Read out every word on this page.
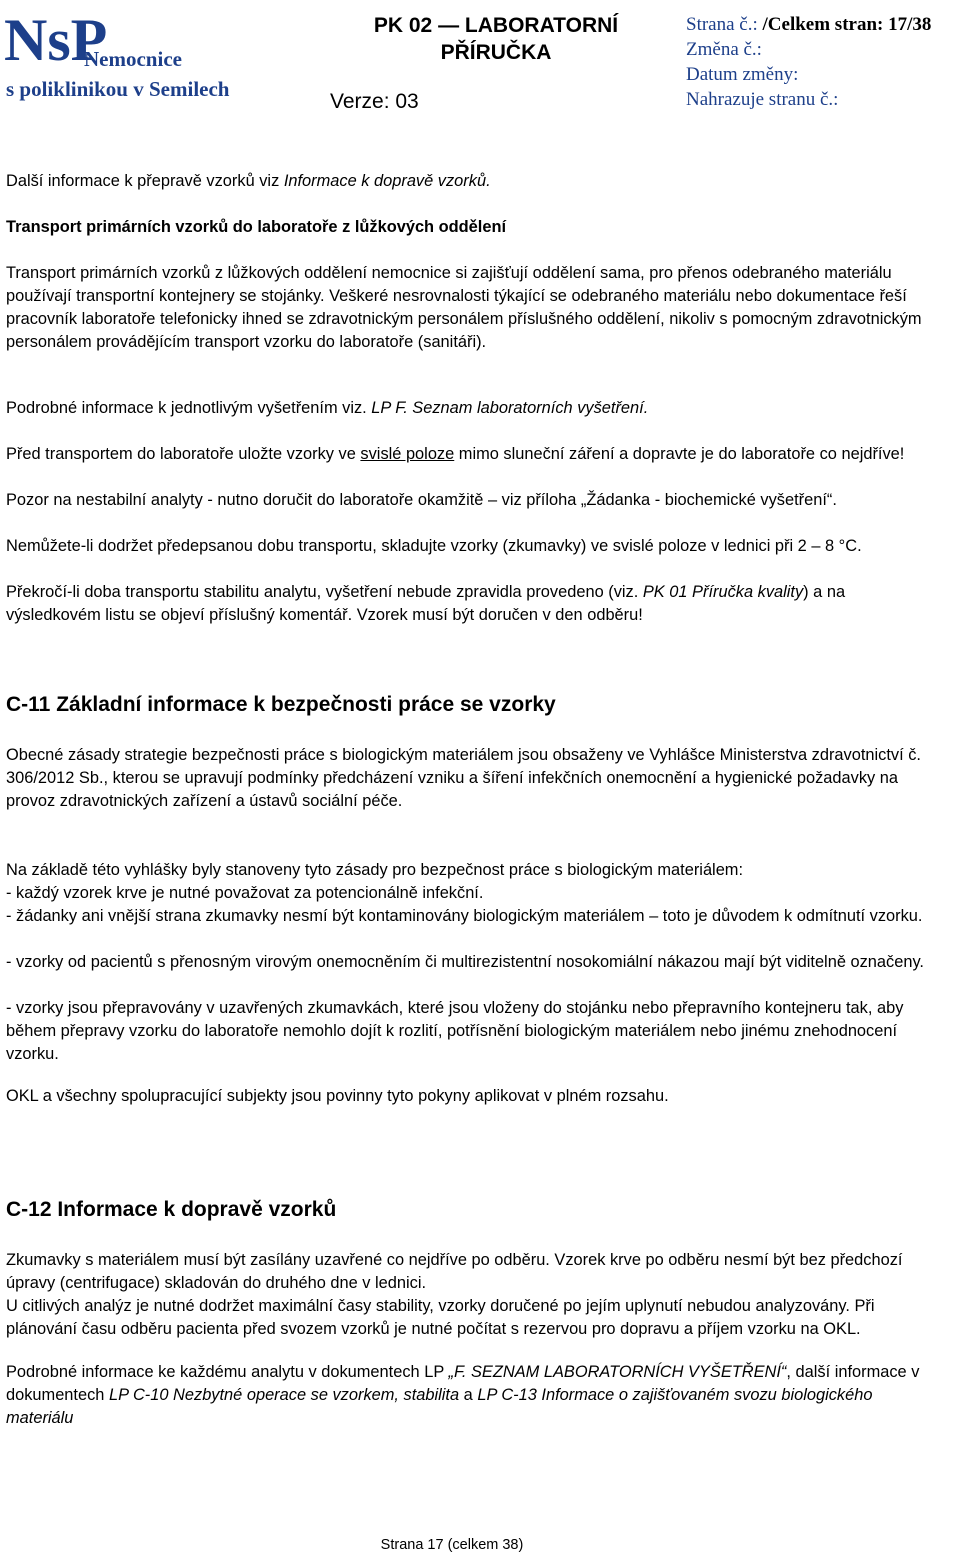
NsP
Nemocnice
s poliklinikou v Semilech
PK 02 — LABORATORNÍ PŘÍRUČKA
Verze: 03
Strana č.: /Celkem stran: 17/38
Změna č.:
Datum změny:
Nahrazuje stranu č.:

Další informace k přepravě vzorků viz Informace k dopravě vzorků.

Transport primárních vzorků do laboratoře z lůžkových oddělení

Transport primárních vzorků z lůžkových oddělení nemocnice si zajišťují oddělení sama, pro přenos odebraného materiálu používají transportní kontejnery se stojánky. Veškeré nesrovnalosti týkající se odebraného materiálu nebo dokumentace řeší pracovník laboratoře telefonicky ihned se zdravotnickým personálem příslušného oddělení, nikoliv s pomocným zdravotnickým personálem provádějícím transport vzorku do laboratoře (sanitáři).

Podrobné informace k jednotlivým vyšetřením viz. LP F. Seznam laboratorních vyšetření.

Před transportem do laboratoře uložte vzorky ve svislé poloze mimo sluneční záření a dopravte je do laboratoře co nejdříve!

Pozor na nestabilní analyty - nutno doručit do laboratoře okamžitě – viz příloha „Žádanka - biochemické vyšetření“.

Nemůžete-li dodržet předepsanou dobu transportu, skladujte vzorky (zkumavky) ve svislé poloze v lednici při 2 – 8 °C.

Překročí-li doba transportu stabilitu analytu, vyšetření nebude zpravidla provedeno (viz. PK 01 Příručka kvality) a na výsledkovém listu se objeví příslušný komentář. Vzorek musí být doručen v den odběru!

C-11 Základní informace k bezpečnosti práce se vzorky

Obecné zásady strategie bezpečnosti práce s biologickým materiálem jsou obsaženy ve Vyhlášce Ministerstva zdravotnictví č. 306/2012 Sb., kterou se upravují podmínky předcházení vzniku a šíření infekčních onemocnění a hygienické požadavky na provoz zdravotnických zařízení a ústavů sociální péče.

Na základě této vyhlášky byly stanoveny tyto zásady pro bezpečnost práce s biologickým materiálem:

- každý vzorek krve je nutné považovat za potencionálně infekční.

- žádanky ani vnější strana zkumavky nesmí být kontaminovány biologickým materiálem – toto je důvodem k odmítnutí vzorku.

- vzorky od pacientů s přenosným virovým onemocněním či multirezistentní nosokomiální nákazou mají být viditelně označeny.

- vzorky jsou přepravovány v uzavřených zkumavkách, které jsou vloženy do stojánku nebo přepravního kontejneru tak, aby během přepravy vzorku do laboratoře nemohlo dojít k rozlití, potřísnění biologickým materiálem nebo jinému znehodnocení vzorku.

OKL a všechny spolupracující subjekty jsou povinny tyto pokyny aplikovat v plném rozsahu.

C-12 Informace k dopravě vzorků

Zkumavky s materiálem musí být zasílány uzavřené co nejdříve po odběru. Vzorek krve po odběru nesmí být bez předchozí úpravy (centrifugace) skladován do druhého dne v lednici.

U citlivých analýz je nutné dodržet maximální časy stability, vzorky doručené po jejím uplynutí nebudou analyzovány. Při plánování času odběru pacienta před svozem vzorků je nutné počítat s rezervou pro dopravu a příjem vzorku na OKL.

Podrobné informace ke každému analytu v dokumentech LP „F. SEZNAM LABORATORNÍCH VYŠETŘENÍ“, další informace v dokumentech LP C-10 Nezbytné operace se vzorkem, stabilita a LP C-13 Informace o zajišťovaném svozu biologického materiálu

Strana 17 (celkem 38)
